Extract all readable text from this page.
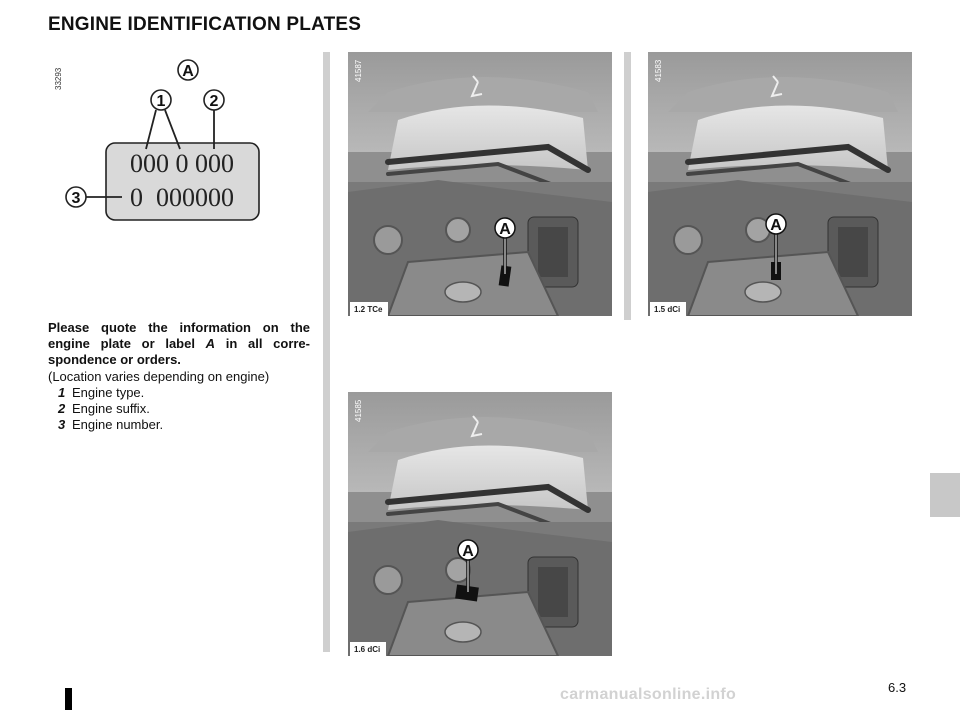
ENGINE IDENTIFICATION PLATES
33293	A
1	2
3
000 0 000
0  000000
Please quote the information on the engine plate or label A in all corre-spondence or orders.
(Location varies depending on engine)
1 Engine type.
2 Engine suffix.
3 Engine number.
A
41587
1.2 TCe
A
41583
1.5 dCi
A
41585
1.6 dCi
6.3
carmanualsonline.info
